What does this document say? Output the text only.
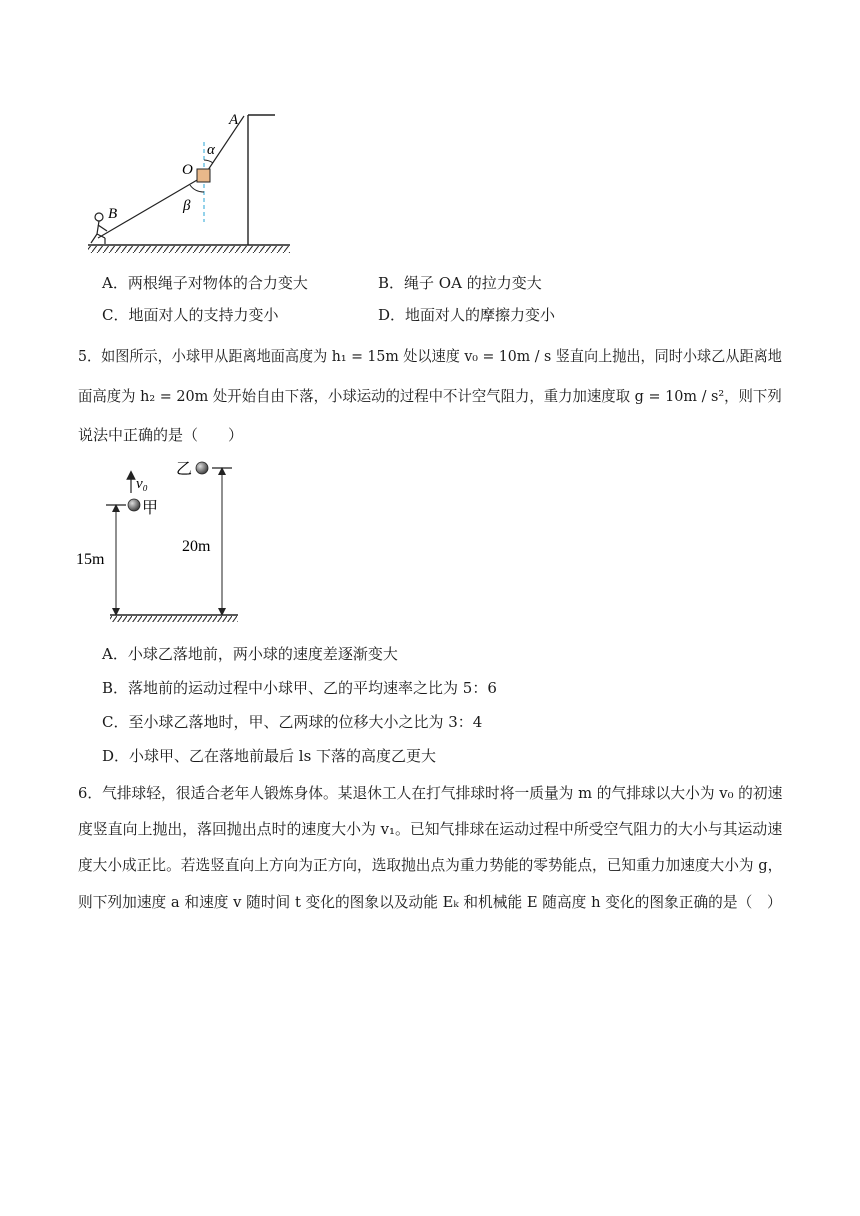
A
O
B
α
β
A．两根绳子对物体的合力变大	B．绳子 OA 的拉力变大
C．地面对人的支持力变小	D．地面对人的摩擦力变小
5．如图所示，小球甲从距离地面高度为 h₁ = 15m 处以速度 v₀ = 10m / s 竖直向上抛出，同时小球乙从距离地
面高度为 h₂ = 20m 处开始自由下落，小球运动的过程中不计空气阻力，重力加速度取 g = 10m / s²，则下列
说法中正确的是（　　）
v₀
甲
乙
15m
20m
A．小球乙落地前，两小球的速度差逐渐变大
B．落地前的运动过程中小球甲、乙的平均速率之比为 5：6
C．至小球乙落地时，甲、乙两球的位移大小之比为 3：4
D．小球甲、乙在落地前最后 ls 下落的高度乙更大
6．气排球轻，很适合老年人锻炼身体。某退休工人在打气排球时将一质量为 m 的气排球以大小为 v₀ 的初速
度竖直向上抛出，落回抛出点时的速度大小为 v₁。已知气排球在运动过程中所受空气阻力的大小与其运动速
度大小成正比。若选竖直向上方向为正方向，选取抛出点为重力势能的零势能点，已知重力加速度大小为 g，
则下列加速度 a 和速度 v 随时间 t 变化的图象以及动能 Eₖ 和机械能 E 随高度 h 变化的图象正确的是（　）
